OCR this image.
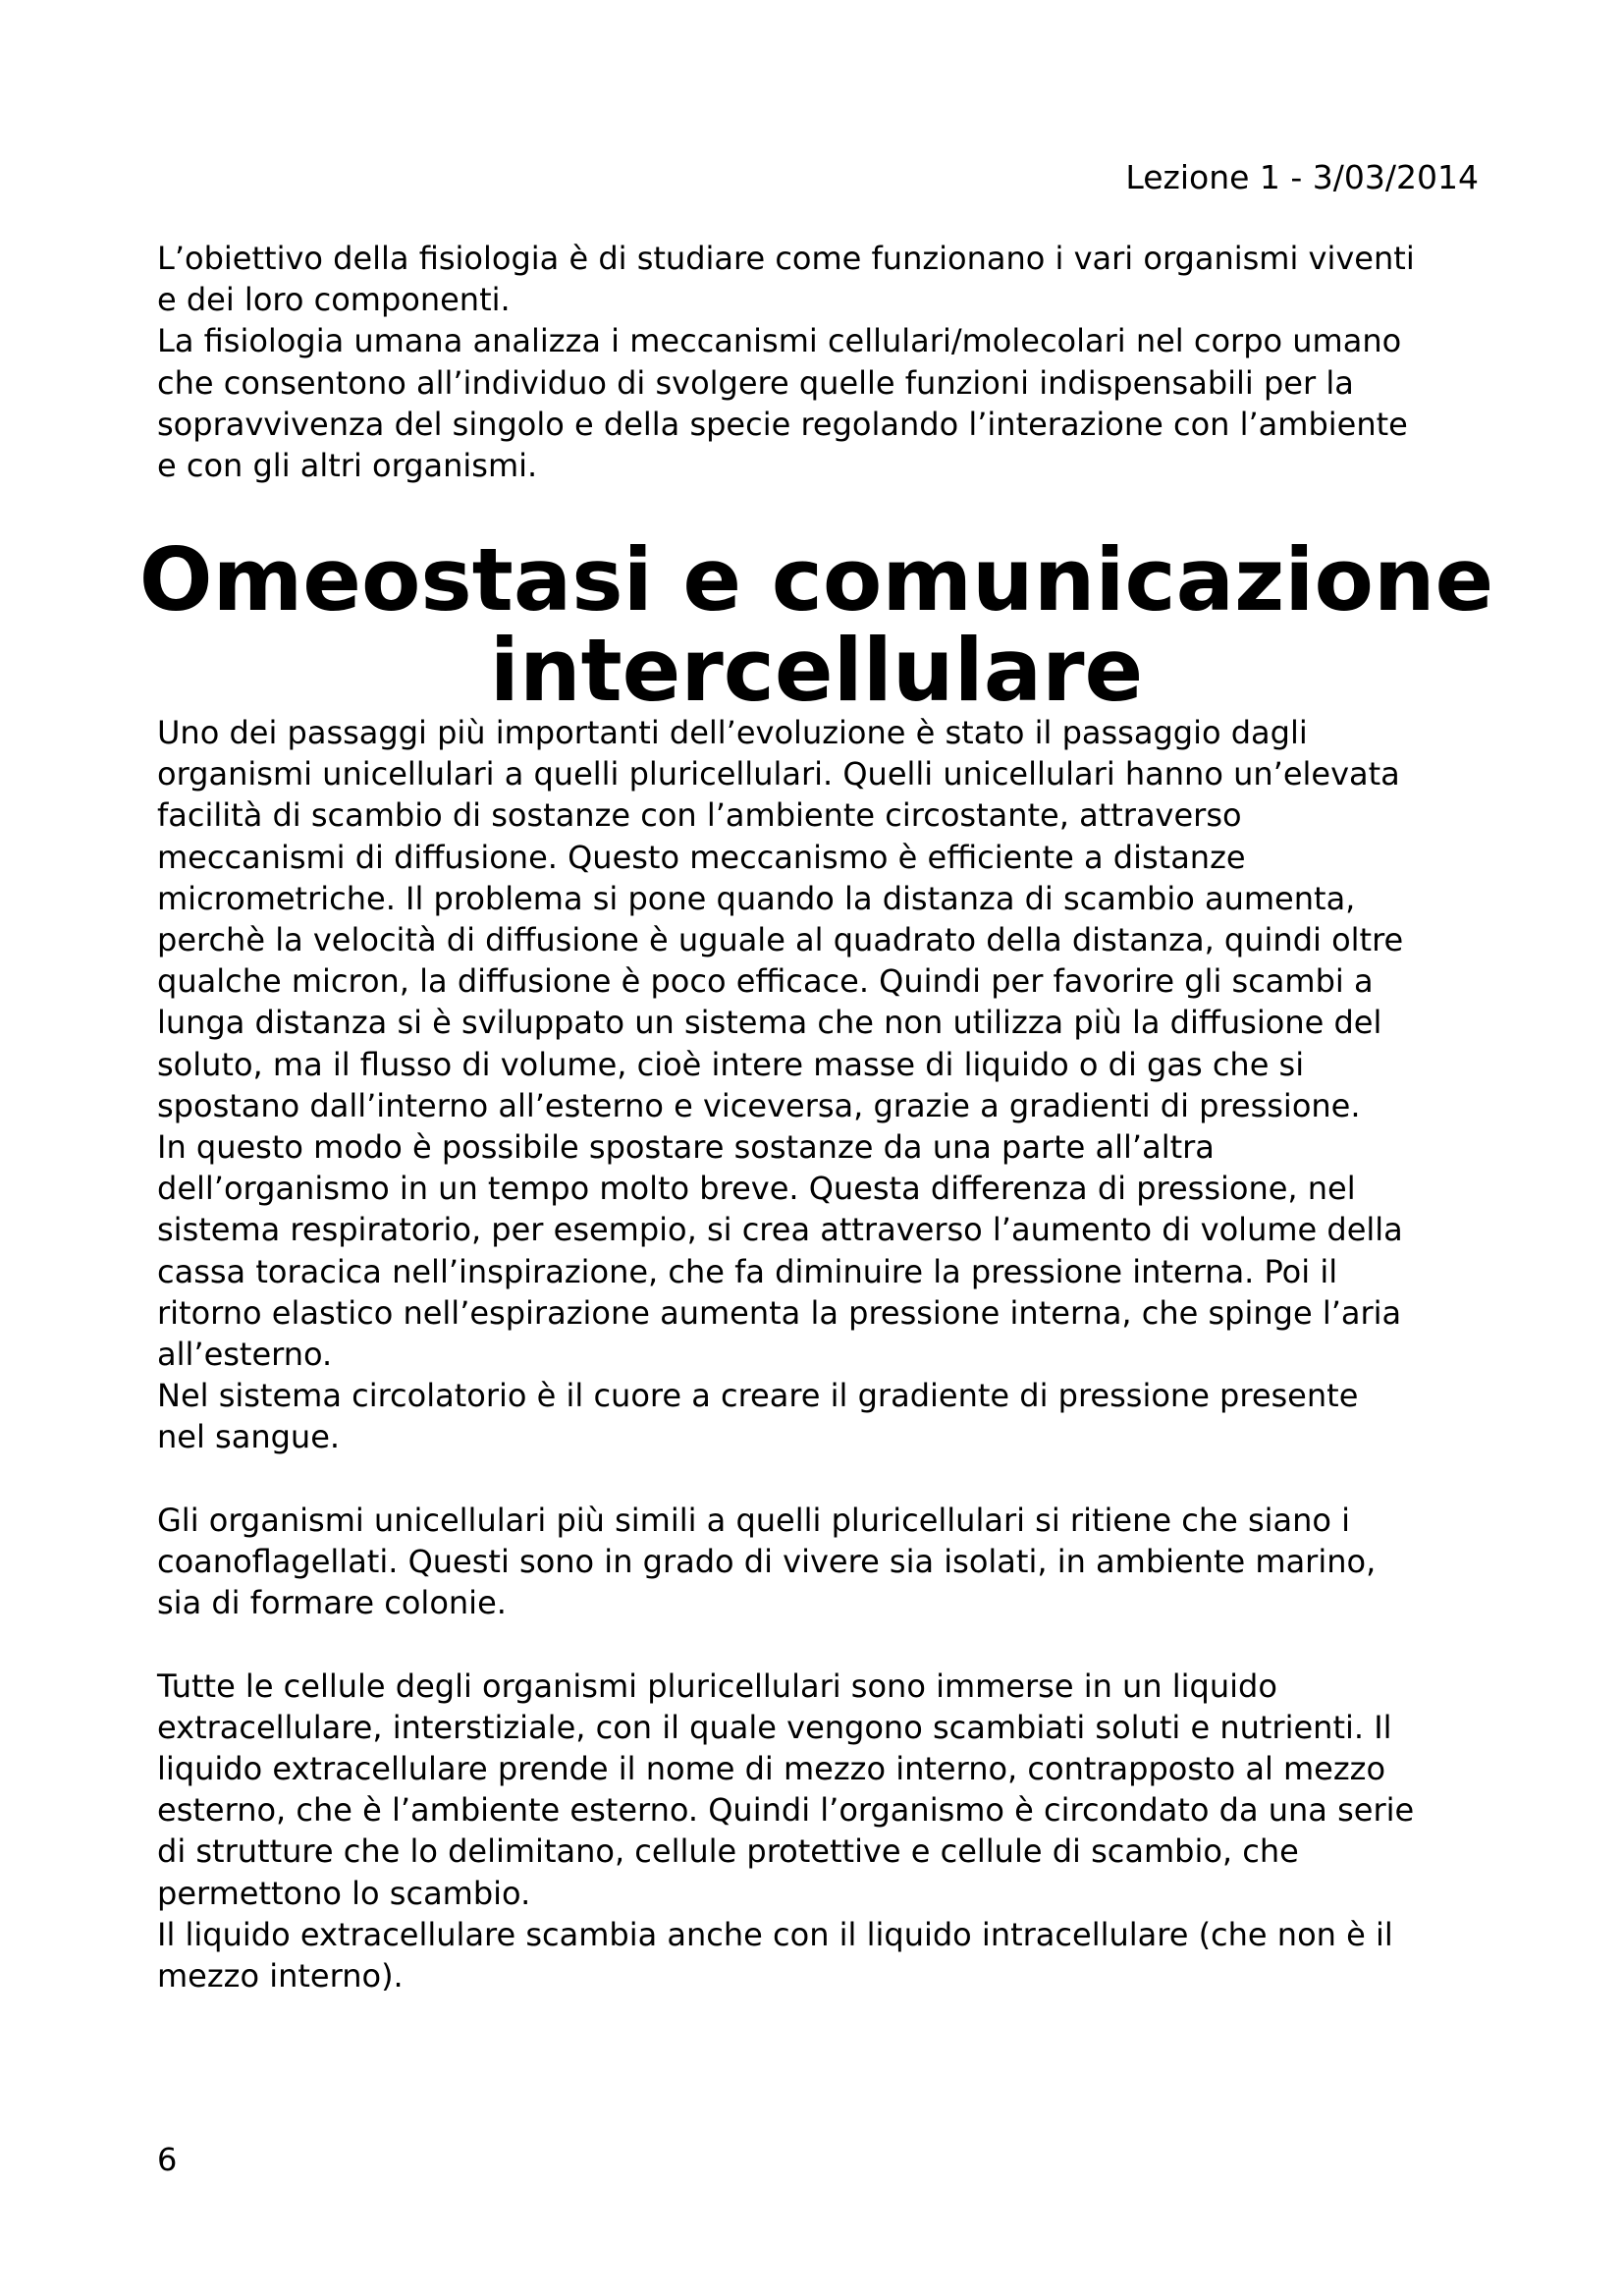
Lezione 1 - 3/03/2014

L’obiettivo della fisiologia è di studiare come funzionano i vari organismi viventi

e dei loro componenti.

La fisiologia umana analizza i meccanismi cellulari/molecolari nel corpo umano

che consentono all’individuo di svolgere quelle funzioni indispensabili per la

sopravvivenza del singolo e della specie regolando l’interazione con l’ambiente

e con gli altri organismi.

Omeostasi e comunicazione
intercellulare

Uno dei passaggi più importanti dell’evoluzione è stato il passaggio dagli

organismi unicellulari a quelli pluricellulari. Quelli unicellulari hanno un’elevata

facilità di scambio di sostanze con l’ambiente circostante, attraverso

meccanismi di diffusione. Questo meccanismo è efficiente a distanze

micrometriche. Il problema si pone quando la distanza di scambio aumenta,

perchè la velocità di diffusione è uguale al quadrato della distanza, quindi oltre

qualche micron, la diffusione è poco efficace. Quindi per favorire gli scambi a

lunga distanza si è sviluppato un sistema che non utilizza più la diffusione del

soluto, ma il flusso di volume, cioè intere masse di liquido o di gas che si

spostano dall’interno all’esterno e viceversa, grazie a gradienti di pressione.

In questo modo è possibile spostare sostanze da una parte all’altra

dell’organismo in un tempo molto breve. Questa differenza di pressione, nel

sistema respiratorio, per esempio, si crea attraverso l’aumento di volume della

cassa toracica nell’inspirazione, che fa diminuire la pressione interna. Poi il

ritorno elastico nell’espirazione aumenta la pressione interna, che spinge l’aria

all’esterno.

Nel sistema circolatorio è il cuore a creare il gradiente di pressione presente

nel sangue.

Gli organismi unicellulari più simili a quelli pluricellulari si ritiene che siano i

coanoflagellati. Questi sono in grado di vivere sia isolati, in ambiente marino,

sia di formare colonie.

Tutte le cellule degli organismi pluricellulari sono immerse in un liquido

extracellulare, interstiziale, con il quale vengono scambiati soluti e nutrienti. Il

liquido extracellulare prende il nome di mezzo interno, contrapposto al mezzo

esterno, che è l’ambiente esterno. Quindi l’organismo è circondato da una serie

di strutture che lo delimitano, cellule protettive e cellule di scambio, che

permettono lo scambio.

Il liquido extracellulare scambia anche con il liquido intracellulare (che non è il

mezzo interno).

6
